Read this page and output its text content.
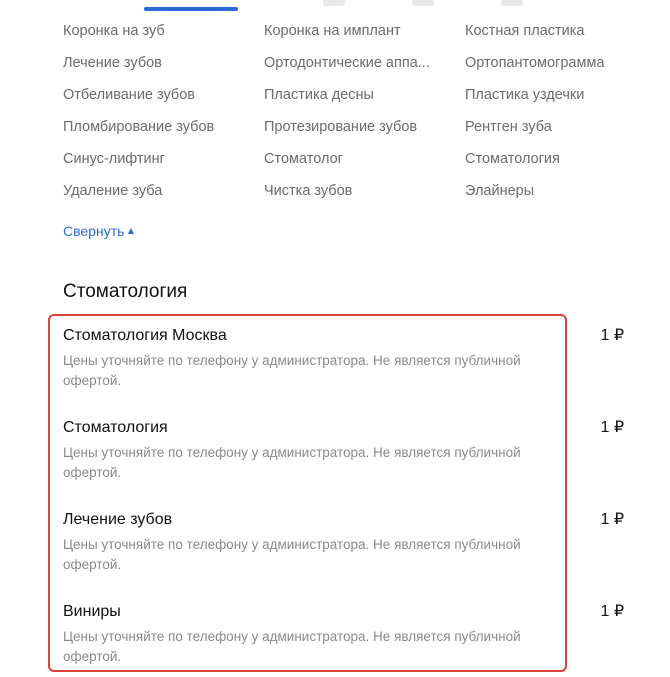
Коронка на зуб	Коронка на имплант	Костная пластика
Лечение зубов	Ортодонтические аппа...	Ортопантомограмма
Отбеливание зубов	Пластика десны	Пластика уздечки
Пломбирование зубов	Протезирование зубов	Рентген зуба
Синус-лифтинг	Стоматолог	Стоматология
Удаление зуба	Чистка зубов	Элайнеры
Свернуть
Стоматология
Стоматология Москва
Цены уточняйте по телефону у администратора. Не является публичной офертой.
1 ₽
Стоматология
Цены уточняйте по телефону у администратора. Не является публичной офертой.
1 ₽
Лечение зубов
Цены уточняйте по телефону у администратора. Не является публичной офертой.
1 ₽
Виниры
Цены уточняйте по телефону у администратора. Не является публичной офертой.
1 ₽
